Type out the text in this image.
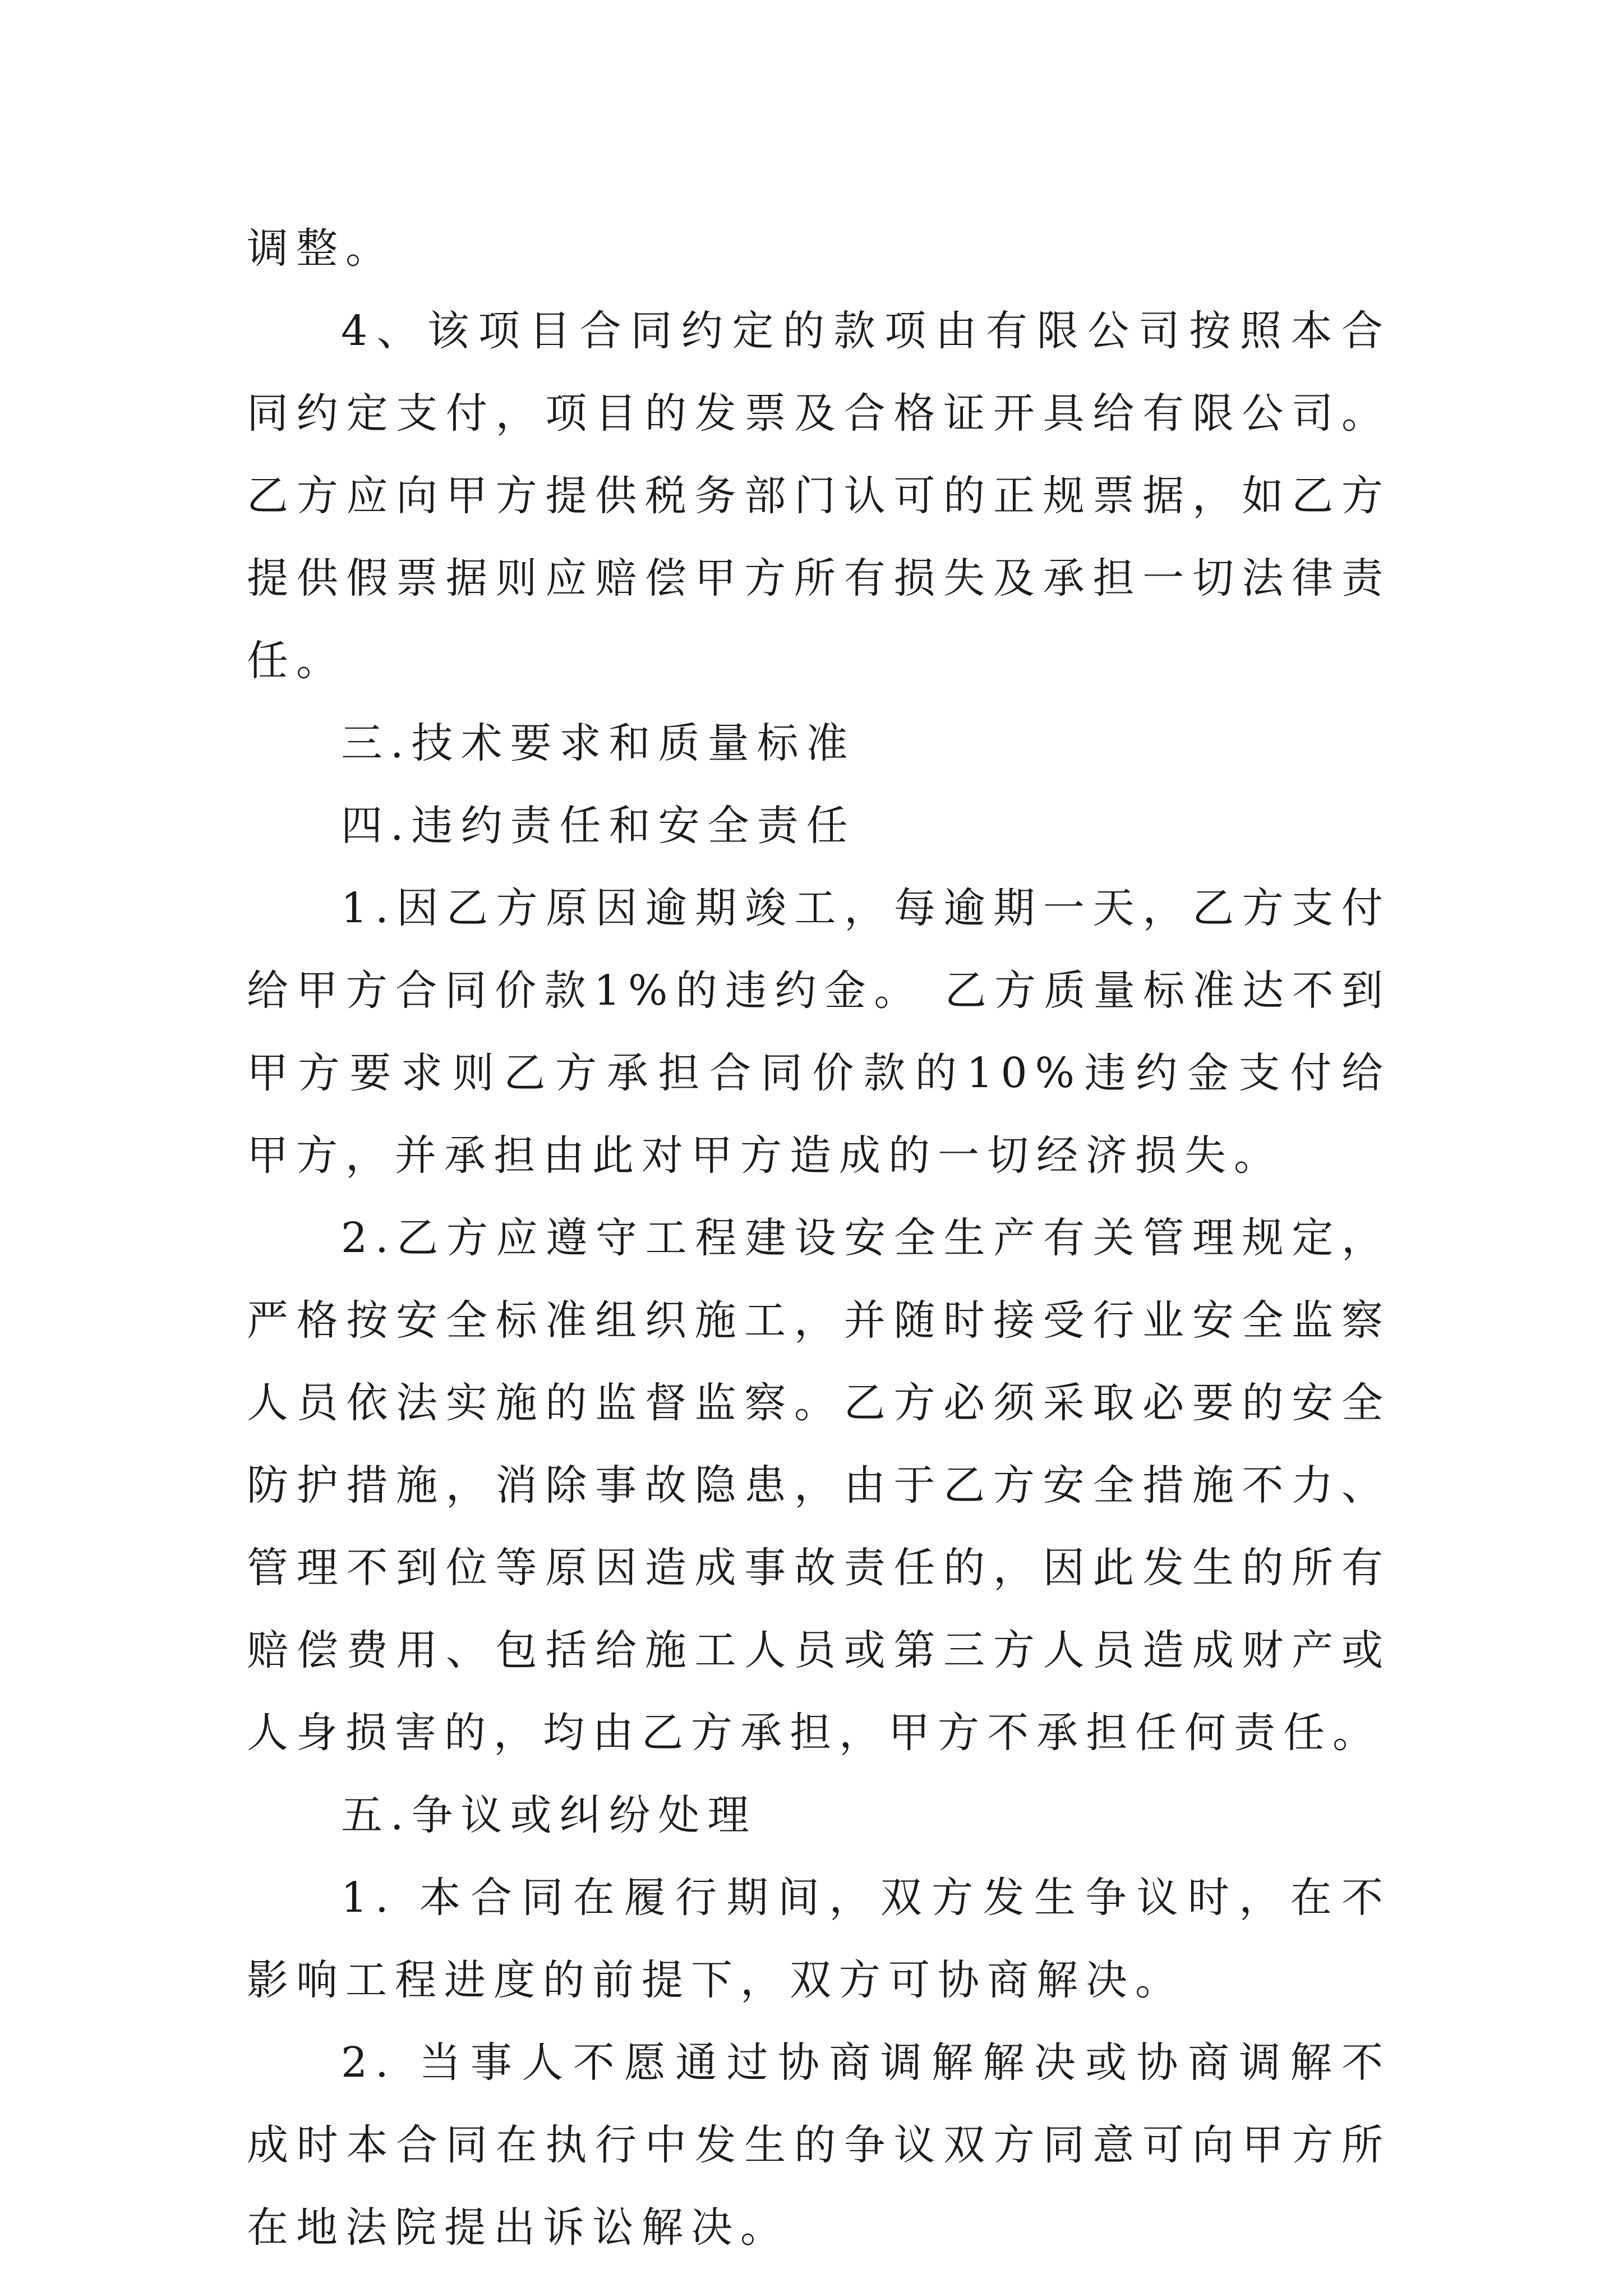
调整。

4、该项目合同约定的款项由有限公司按照本合同约定支付，项目的发票及合格证开具给有限公司。乙方应向甲方提供税务部门认可的正规票据，如乙方提供假票据则应赔偿甲方所有损失及承担一切法律责任。

三.技术要求和质量标准

四.违约责任和安全责任

1.因乙方原因逾期竣工，每逾期一天，乙方支付给甲方合同价款1%的违约金。 乙方质量标准达不到甲方要求则乙方承担合同价款的10%违约金支付给甲方，并承担由此对甲方造成的一切经济损失。

2.乙方应遵守工程建设安全生产有关管理规定，严格按安全标准组织施工，并随时接受行业安全监察人员依法实施的监督监察。乙方必须采取必要的安全防护措施，消除事故隐患，由于乙方安全措施不力、管理不到位等原因造成事故责任的，因此发生的所有赔偿费用、包括给施工人员或第三方人员造成财产或人身损害的，均由乙方承担，甲方不承担任何责任。

五.争议或纠纷处理

1. 本合同在履行期间，双方发生争议时，在不影响工程进度的前提下，双方可协商解决。

2. 当事人不愿通过协商调解解决或协商调解不成时本合同在执行中发生的争议双方同意可向甲方所在地法院提出诉讼解决。
